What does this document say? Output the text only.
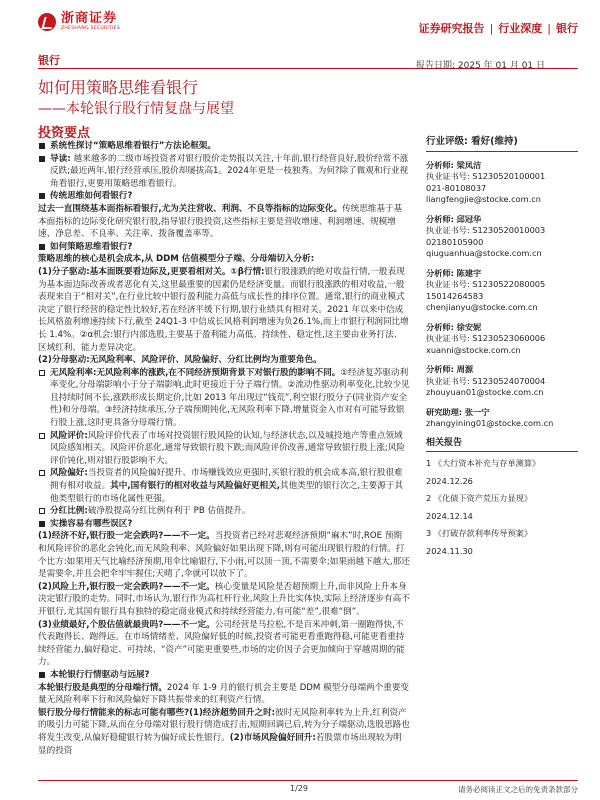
浙商证券
ZHESHANG SECURITIES	证券研究报告 | 行业深度 | 银行
银行	报告日期: 2025 年 01 月 01 日
如何用策略思维看银行
——本轮银行股行情复盘与展望
投资要点
系统性探讨“策略思维看银行”方法论框架。
导读: 越来越多的二级市场投资者对银行股价走势报以关注,十年前,银行经营良好,股价经常不涨反跌;最近两年,银行经营承压,股价却屡拔高1。2024年更是一枝独秀。为何?除了微观和行业视角看银行,更要用策略思维看银行。
传统思维如何看银行?
过去一直围绕基本面指标看银行,尤为关注营收、利润、不良等指标的边际变化。传统思维基于基本面指标的边际变化研究银行股,指导银行股投资,这些指标主要是营收增速、利润增速、规模增速、净息差、不良率、关注率、拨备覆盖率等。
如何策略思维看银行?
策略思维的核心是机会成本,从 DDM 估值模型分子端、分母端切入分析:
(1)分子驱动:基本面既要看边际及,更要看相对关。①β行情:银行股涨跌的绝对收益行情,一般表现为基本面边际改善或者恶化有关,这里最重要的因素仍是经济变量。而银行股涨跌的相对收益,一般表现来自于“相对关”,在行业比较中银行盈利能力高低与成长性的排序位置。通常,银行的商业模式决定了银行经营的稳定性比较好,若在经济平缓下行期,银行业绩具有相对关。2021 年以来中信成长风格盈利增速持续下行,截至 24Q1-3 中信成长风格利润增速为负26.1%,而上市银行利润同比增长 1.4%。②α机会:银行内部选股,主要基于盈利能力高低、持续性、稳定性,这主要由业务打法、区域红利、能力差异决定。
(2)分母驱动:无风险利率、风险评价、风险偏好、分红比例均为重要角色。
无风险利率:无风险利率的涨跌,在不同经济预期背景下对银行股的影响不同。①经济复苏驱动利率变化,分母端影响小于分子端影响,此时更接近于分子端行情。②流动性驱动利率变化,比较少见且持续时间不长,涨跌形成长期定价,比如 2013 年出现过“钱荒”,利空银行股分子(同业资产安全性)和分母端。③经济持续承压,分子端预期钝化,无风险利率下降,增量资金入市对有可能导致银行股上涨,这时更具备分母端行情。
风险评价:风险评价代表了市场对投资银行股风险的认知,与经济状态,以及城投地产等重点领域风险感知相关。风险评价恶化,通常导致银行股下跌;而风险评价改善,通常导致银行股上涨;风险评价钝化,则对银行股影响不大。
风险偏好:当投资者的风险偏好提升、市场赚钱效应更强时,买银行股的机会成本高,银行股很难拥有相对收益。其中,国有银行的相对收益与风险偏好更相关,其他类型的银行次之,主要源于其他类型银行的市场化属性更强。
分红比例:破净股提高分红比例有利于 PB 估值提升。
实操容易有哪些误区?
(1)经济不好,银行股一定会跌吗?——不一定。当投资者已经对悲观经济预期“麻木”时,ROE 预期和风险评价的恶化会钝化,而无风险利率、风险偏好如果出现下降,则有可能出现银行股的行情。打个比方:如果用天气比喻经济预期,用伞比喻银行,下小雨,可以顶一顶,不需要伞;如果雨越下越大,那还是需要伞,并且会把伞牢牢握住;天晴了,伞就可以放下了。
(2)风险上升,银行股一定会跌吗?——不一定。核心变量是风险是否超预期上升,而非风险上升本身决定银行股的走势。同时,市场认为,银行作为高杠杆行业,风险上升比实体快,实际上经济逐步有高不开银行,尤其国有银行具有独特的稳定商业模式和持续经营能力,有可能“差”,很难“倒”。
(3)业绩最好,个股估值就最贵吗?——不一定。公司经营是马拉松,不是百米冲刺,第一圈跑得快,不代表跑得长、跑得远。在市场情绪差、风险偏好低的时候,投资者可能更看重跑得稳,可能更看重持续经营能力,偏好稳定、可持续、“资产”可能更重要些,市场的定价因子会更加倾向于穿越周期的能力。
本轮银行行情驱动与远展?
本轮银行股是典型的分母端行情。2024 年 1-9 月的银行机会主要是 DDM 模型分母端两个重要变量无风险利率下行和风险偏好下降共振带来的红利资产行情。
银行股分母行情能来的标志可能有哪些?(1)经济超势回升之时:彼时无风险利率转为上升,红利资产的吸引力可能下降,从而在分母端对银行股行情造成打击,短期回调已后,转为分子端驱动,选股思路也将发生改变,从偏好稳健银行转为偏好成长性银行。(2)市场风险偏好回升:若股票市场出现较为明显的投资
行业评级: 看好(维持)
分析师: 梁凤洁
执业证书号: S1230520100001
021-80108037
liangfengjie@stocke.com.cn
分析师: 邱冠华
执业证书号: S1230520010003
02180105900
qiuguanhua@stocke.com.cn
分析师: 陈建宇
执业证书号: S1230522080005
15014264583
chenjianyu@stocke.com.cn
分析师: 徐安妮
执业证书号: S1230523060006
xuanni@stocke.com.cn
分析师: 周源
执业证书号: S1230524070004
zhouyuan01@stocke.com.cn
研究助理: 张一宁
zhangyining01@stocke.com.cn
相关报告
1 《大行资本补充与存单测算》
2024.12.26
2 《化债下资产荒压力显现》
2024.12.14
3 《打破存款利率传导预案》
2024.11.30
1/29	请务必阅读正文之后的免责条款部分
